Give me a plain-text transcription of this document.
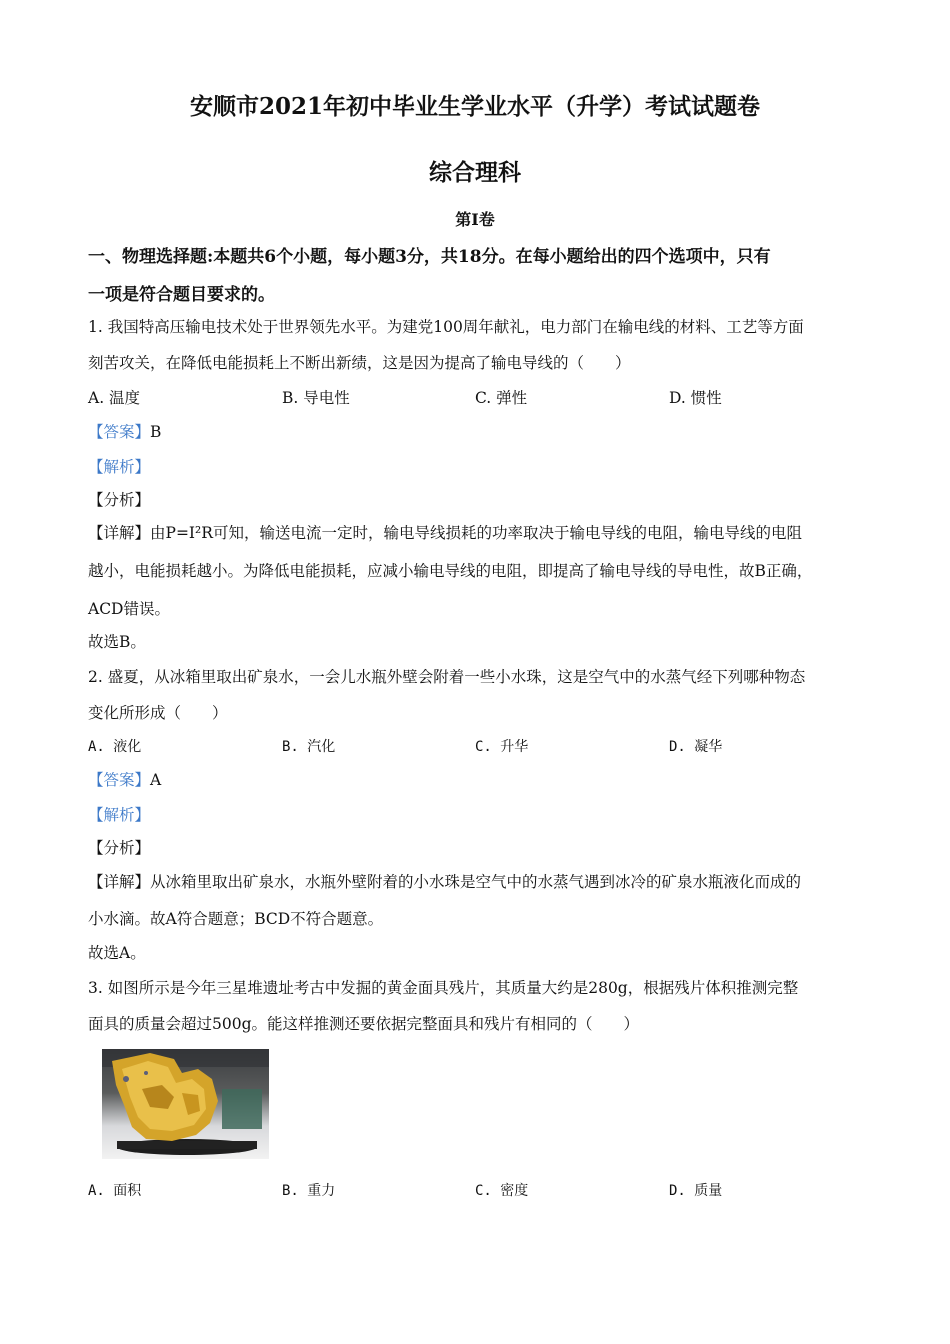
安顺市2021年初中毕业生学业水平（升学）考试试题卷
综合理科
第I卷
一、物理选择题:本题共6个小题，每小题3分，共18分。在每小题给出的四个选项中，只有
一项是符合题目要求的。
1. 我国特高压输电技术处于世界领先水平。为建党100周年献礼，电力部门在输电线的材料、工艺等方面
刻苦攻关，在降低电能损耗上不断出新绩，这是因为提高了输电导线的（　　）
A. 温度	B. 导电性	C. 弹性	D. 惯性
【答案】B
【解析】
【分析】
【详解】由P=I²R可知，输送电流一定时，输电导线损耗的功率取决于输电导线的电阻，输电导线的电阻
越小，电能损耗越小。为降低电能损耗，应减小输电导线的电阻，即提高了输电导线的导电性，故B正确，
ACD错误。
故选B。
2. 盛夏，从冰箱里取出矿泉水，一会儿水瓶外壁会附着一些小水珠，这是空气中的水蒸气经下列哪种物态
变化所形成（　　）
A. 液化	B. 汽化	C. 升华	D. 凝华
【答案】A
【解析】
【分析】
【详解】从冰箱里取出矿泉水，水瓶外壁附着的小水珠是空气中的水蒸气遇到冰冷的矿泉水瓶液化而成的
小水滴。故A符合题意；BCD不符合题意。
故选A。
3. 如图所示是今年三星堆遗址考古中发掘的黄金面具残片，其质量大约是280g，根据残片体积推测完整
面具的质量会超过500g。能这样推测还要依据完整面具和残片有相同的（　　）
A. 面积	B. 重力	C. 密度	D. 质量
